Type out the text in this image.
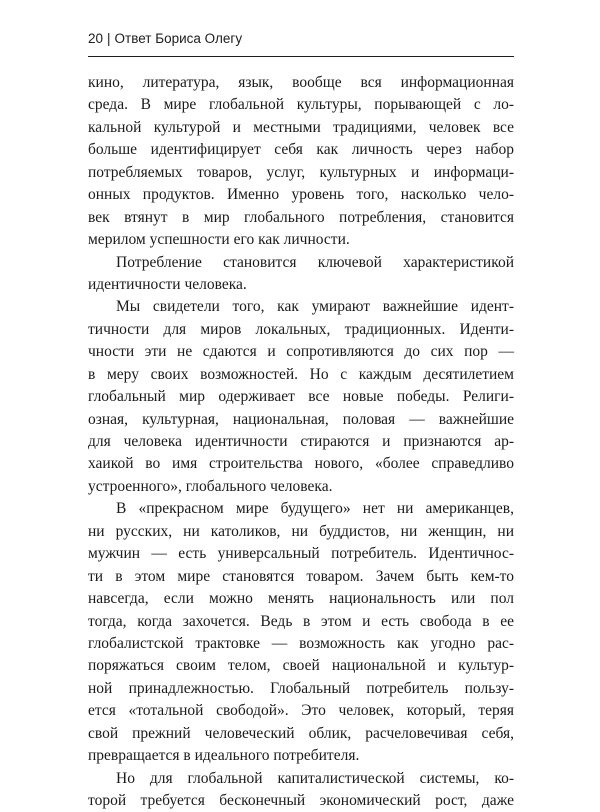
20 | Ответ Бориса Олегу

кино, литература, язык, вообще вся информационная
среда. В мире глобальной культуры, порывающей с ло-
кальной культурой и местными традициями, человек все
больше идентифицирует себя как личность через набор
потребляемых товаров, услуг, культурных и информаци-
онных продуктов. Именно уровень того, насколько чело-
век втянут в мир глобального потребления, становится
мерилом успешности его как личности.

Потребление становится ключевой характеристикой
идентичности человека.

Мы свидетели того, как умирают важнейшие идент-
тичности для миров локальных, традиционных. Иденти-
чности эти не сдаются и сопротивляются до сих пор —
в меру своих возможностей. Но с каждым десятилетием
глобальный мир одерживает все новые победы. Религи-
озная, культурная, национальная, половая — важнейшие
для человека идентичности стираются и признаются ар-
хаикой во имя строительства нового, «более справедливо
устроенного», глобального человека.

В «прекрасном мире будущего» нет ни американцев,
ни русских, ни католиков, ни буддистов, ни женщин, ни
мужчин — есть универсальный потребитель. Идентичнос-
ти в этом мире становятся товаром. Зачем быть кем-то
навсегда, если можно менять национальность или пол
тогда, когда захочется. Ведь в этом и есть свобода в ее
глобалистской трактовке — возможность как угодно рас-
поряжаться своим телом, своей национальной и культур-
ной принадлежностью. Глобальный потребитель пользу-
ется «тотальной свободой». Это человек, который, теряя
свой прежний человеческий облик, расчеловечивая себя,
превращается в идеального потребителя.

Но для глобальной капиталистической системы, ко-
торой требуется бесконечный экономический рост, даже
